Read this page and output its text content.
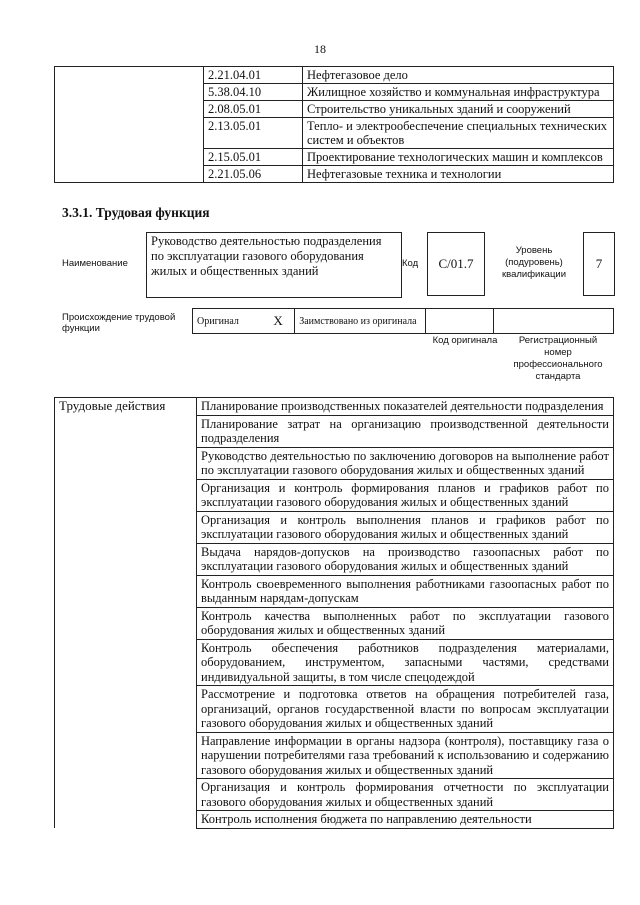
18
	2.21.04.01	Нефтегазовое дело
	5.38.04.10	Жилищное хозяйство и коммунальная инфраструктура
	2.08.05.01	Строительство уникальных зданий и сооружений
	2.13.05.01	Тепло- и электрообеспечение специальных технических систем и объектов
	2.15.05.01	Проектирование технологических машин и комплексов
	2.21.05.06	Нефтегазовые техника и технологии
3.3.1. Трудовая функция
Наименование
Руководство деятельностью подразделения по эксплуатации газового оборудования жилых и общественных зданий
Код	C/01.7
Уровень (подуровень) квалификации
7
Происхождение трудовой функции
Оригинал	X	Заимствовано из оригинала		
Код оригинала	Регистрационный номер профессионального стандарта
Трудовые действия	Планирование производственных показателей деятельности подразделения
Планирование затрат на организацию производственной деятельности подразделения
Руководство деятельностью по заключению договоров на выполнение работ по эксплуатации газового оборудования жилых и общественных зданий
Организация и контроль формирования планов и графиков работ по эксплуатации газового оборудования жилых и общественных зданий
Организация и контроль выполнения планов и графиков работ по эксплуатации газового оборудования жилых и общественных зданий
Выдача нарядов-допусков на производство газоопасных работ по эксплуатации газового оборудования жилых и общественных зданий
Контроль своевременного выполнения работниками газоопасных работ по выданным нарядам-допускам
Контроль качества выполненных работ по эксплуатации газового оборудования жилых и общественных зданий
Контроль обеспечения работников подразделения материалами, оборудованием, инструментом, запасными частями, средствами индивидуальной защиты, в том числе спецодеждой
Рассмотрение и подготовка ответов на обращения потребителей газа, организаций, органов государственной власти по вопросам эксплуатации газового оборудования жилых и общественных зданий
Направление информации в органы надзора (контроля), поставщику газа о нарушении потребителями газа требований к использованию и содержанию газового оборудования жилых и общественных зданий
Организация и контроль формирования отчетности по эксплуатации газового оборудования жилых и общественных зданий
Контроль исполнения бюджета по направлению деятельности
